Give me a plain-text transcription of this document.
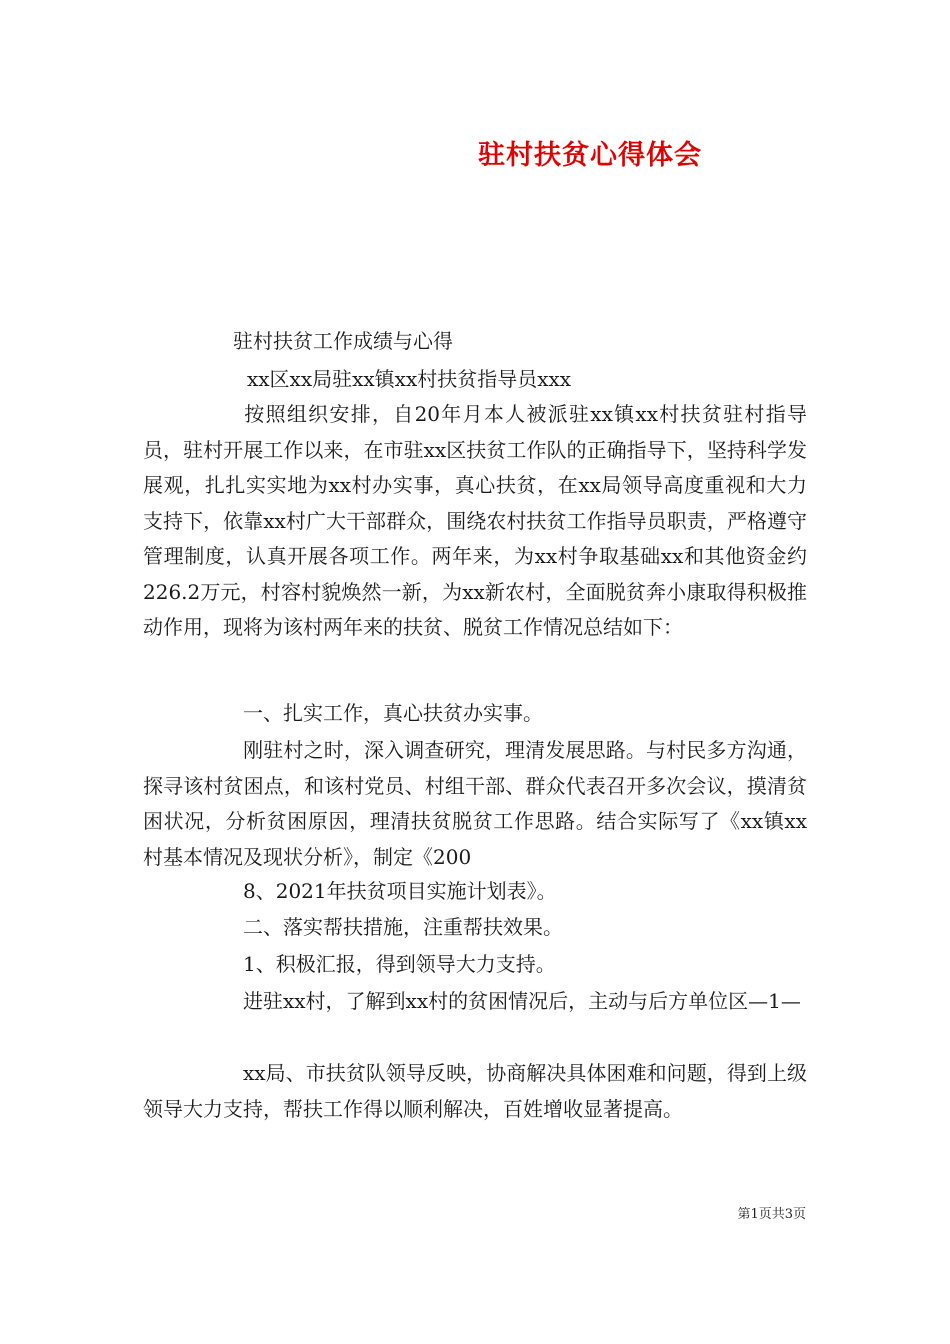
驻村扶贫心得体会
驻村扶贫工作成绩与心得
xx区xx局驻xx镇xx村扶贫指导员xxx

按照组织安排，自20年月本人被派驻xx镇xx村扶贫驻村指导员，驻村开展工作以来，在市驻xx区扶贫工作队的正确指导下，坚持科学发展观，扎扎实实地为xx村办实事，真心扶贫，在xx局领导高度重视和大力支持下，依靠xx村广大干部群众，围绕农村扶贫工作指导员职责，严格遵守管理制度，认真开展各项工作。两年来，为xx村争取基础xx和其他资金约226.2万元，村容村貌焕然一新，为xx新农村，全面脱贫奔小康取得积极推动作用，现将为该村两年来的扶贫、脱贫工作情况总结如下：

一、扎实工作，真心扶贫办实事。

刚驻村之时，深入调查研究，理清发展思路。与村民多方沟通，探寻该村贫困点，和该村党员、村组干部、群众代表召开多次会议，摸清贫困状况，分析贫困原因，理清扶贫脱贫工作思路。结合实际写了《xx镇xx村基本情况及现状分析》，制定《200

8、2021年扶贫项目实施计划表》。
二、落实帮扶措施，注重帮扶效果。
1、积极汇报，得到领导大力支持。

进驻xx村，了解到xx村的贫困情况后，主动与后方单位区—1—

xx局、市扶贫队领导反映，协商解决具体困难和问题，得到上级领导大力支持，帮扶工作得以顺利解决，百姓增收显著提高。

第1页共3页
